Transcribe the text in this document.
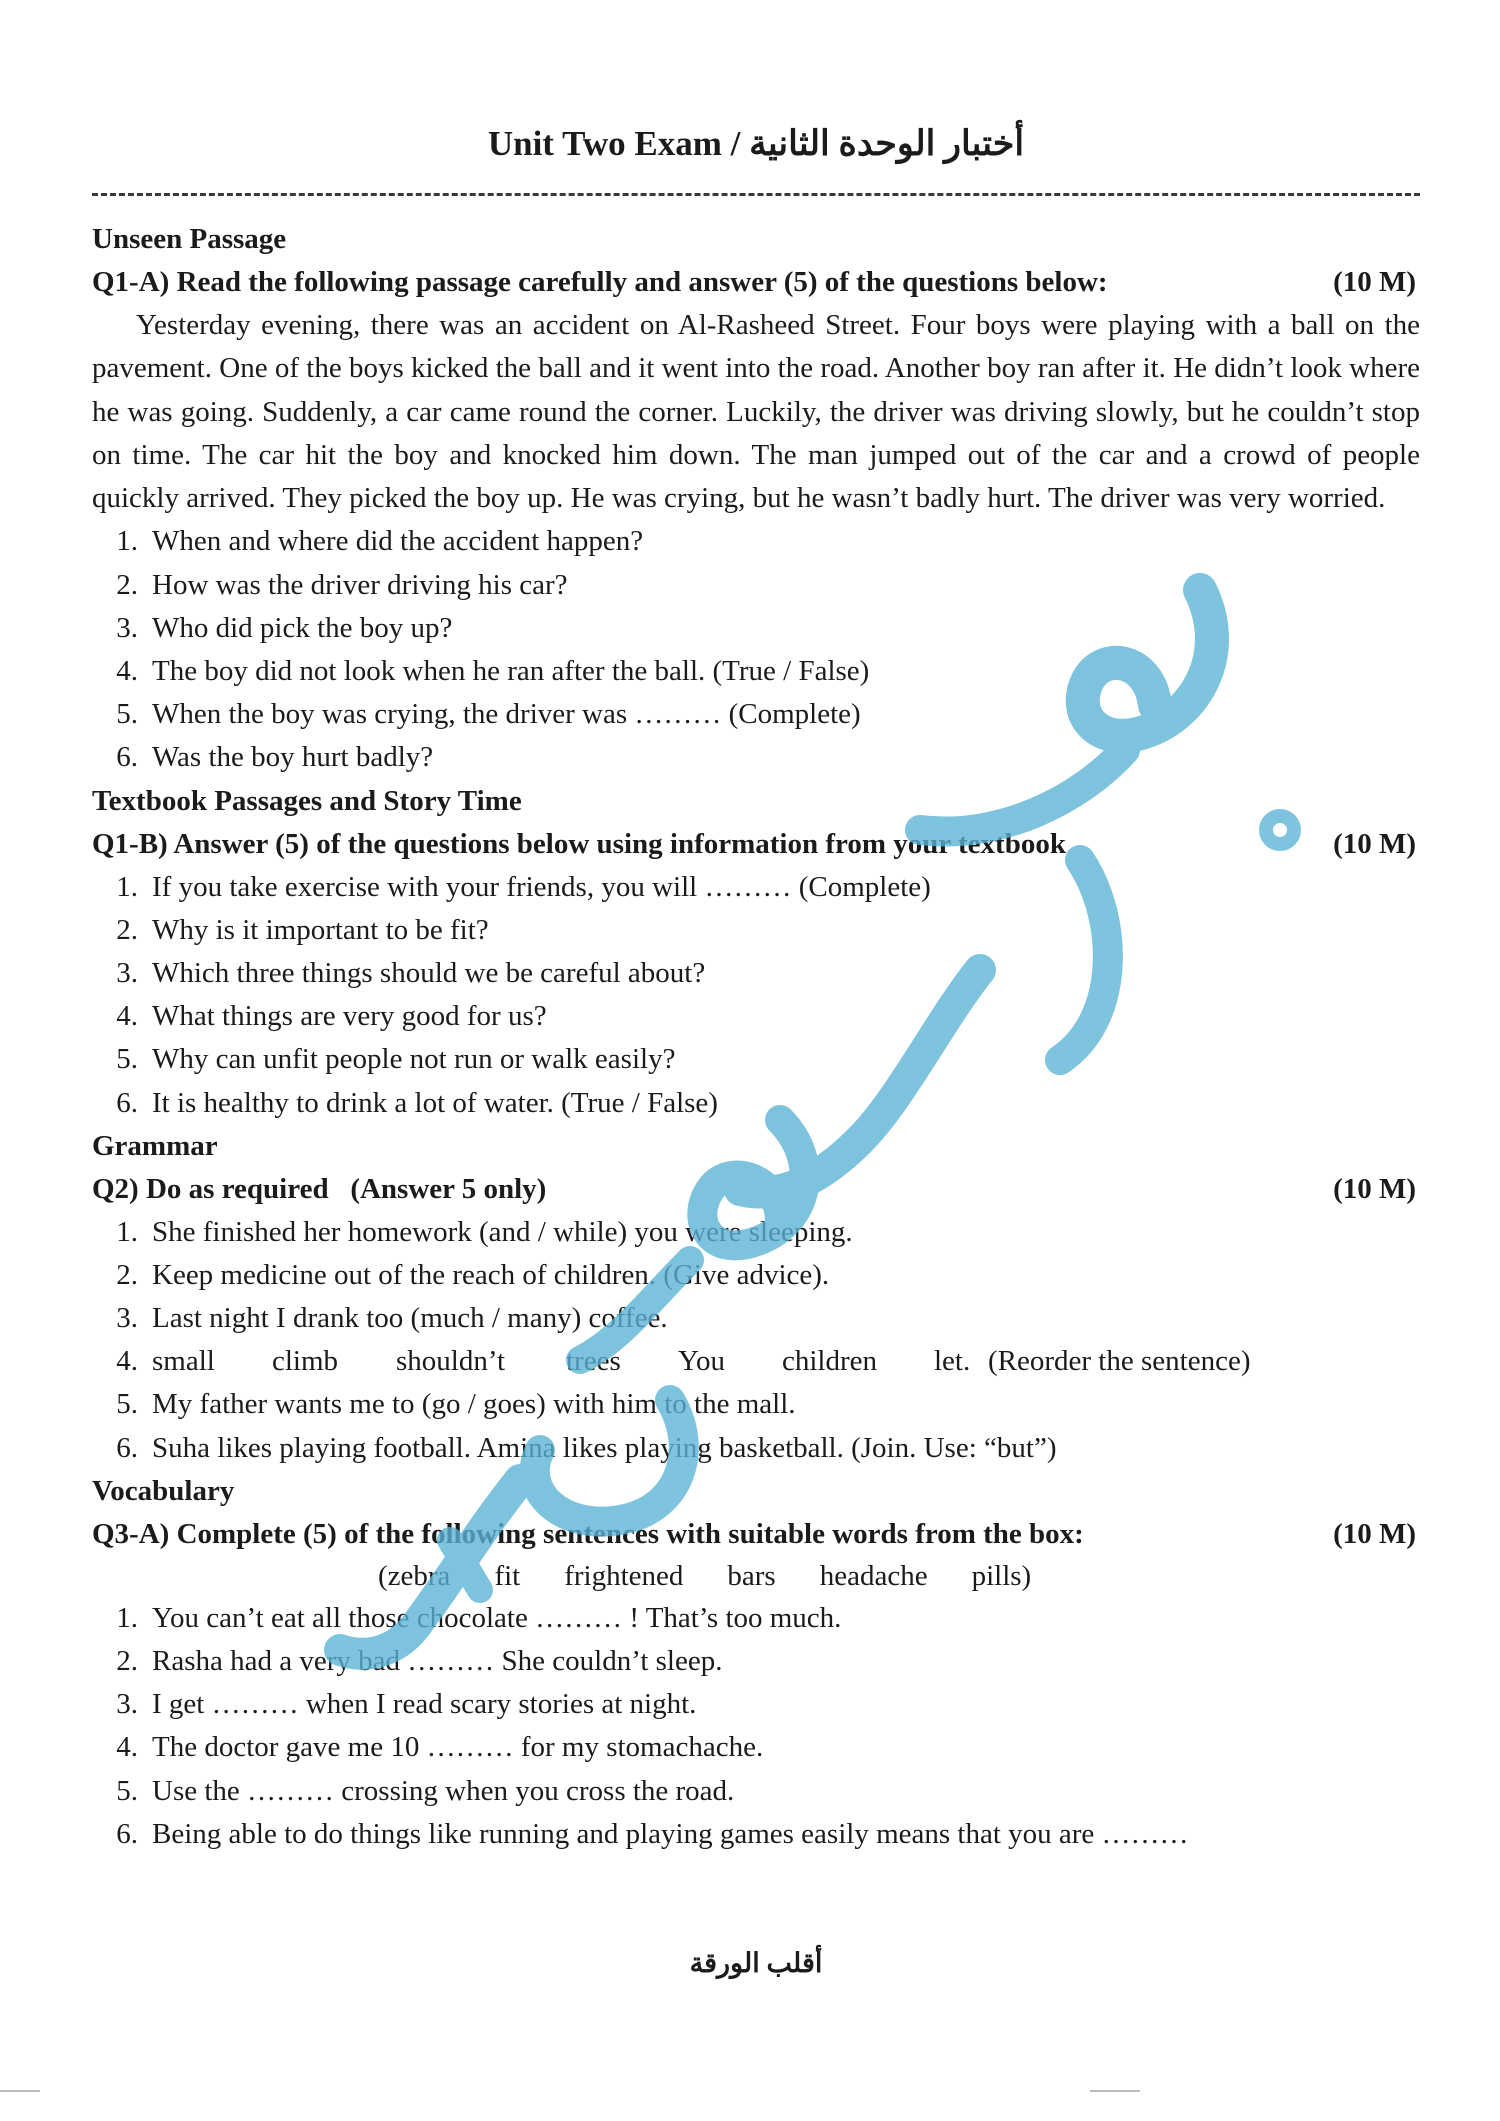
Unit Two Exam / أختبار الوحدة الثانية
Unseen Passage
Q1-A) Read the following passage carefully and answer (5) of the questions below:	(10 M)

Yesterday evening, there was an accident on Al-Rasheed Street. Four boys were playing with a ball on the pavement. One of the boys kicked the ball and it went into the road. Another boy ran after it. He didn’t look where he was going. Suddenly, a car came round the corner. Luckily, the driver was driving slowly, but he couldn’t stop on time. The car hit the boy and knocked him down. The man jumped out of the car and a crowd of people quickly arrived. They picked the boy up. He was crying, but he wasn’t badly hurt. The driver was very worried.

1. When and where did the accident happen?
2. How was the driver driving his car?
3. Who did pick the boy up?
4. The boy did not look when he ran after the ball. (True / False)
5. When the boy was crying, the driver was ……… (Complete)
6. Was the boy hurt badly?
Textbook Passages and Story Time
Q1-B) Answer (5) of the questions below using information from your textbook	(10 M)
1. If you take exercise with your friends, you will ……… (Complete)
2. Why is it important to be fit?
3. Which three things should we be careful about?
4. What things are very good for us?
5. Why can unfit people not run or walk easily?
6. It is healthy to drink a lot of water. (True / False)
Grammar
Q2) Do as required   (Answer 5 only)	(10 M)
1. She finished her homework (and / while) you were sleeping.
2. Keep medicine out of the reach of children. (Give advice).
3. Last night I drank too (much / many) coffee.
4. small climb shouldn’t trees You children let. (Reorder the sentence)
5. My father wants me to (go / goes) with him to the mall.
6. Suha likes playing football. Amina likes playing basketball. (Join. Use: “but”)
Vocabulary
Q3-A) Complete (5) of the following sentences with suitable words from the box:	(10 M)
(zebra fit frightened bars headache pills)
1. You can’t eat all those chocolate ……… ! That’s too much.
2. Rasha had a very bad ……… She couldn’t sleep.
3. I get ……… when I read scary stories at night.
4. The doctor gave me 10 ……… for my stomachache.
5. Use the ……… crossing when you cross the road.
6. Being able to do things like running and playing games easily means that you are ………
أقلب الورقة
